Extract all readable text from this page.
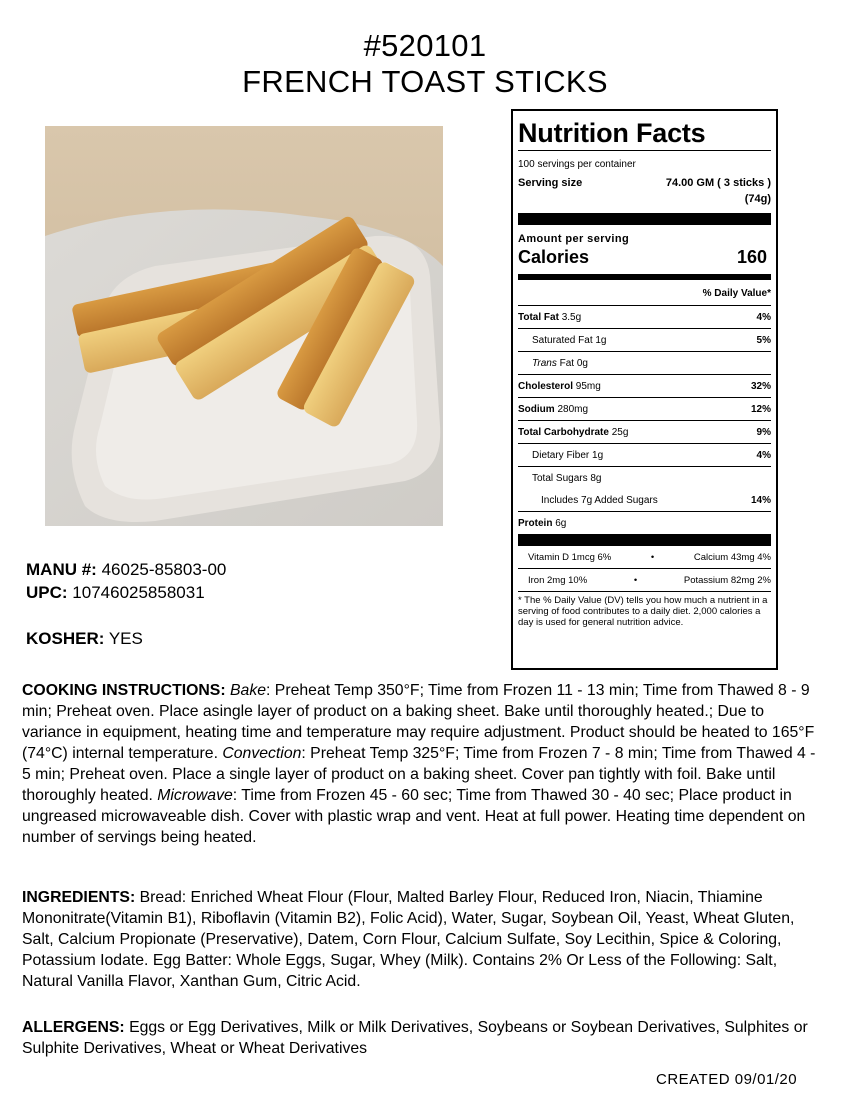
#520101
FRENCH TOAST STICKS
MANU #: 46025-85803-00
UPC: 10746025858031
KOSHER: YES
Nutrition Facts
100 servings per container
Serving size	74.00 GM ( 3 sticks )
(74g)
Amount per serving
Calories	160
% Daily Value*
Total Fat 3.5g	4%
Saturated Fat 1g	5%
Trans Fat 0g
Cholesterol 95mg	32%
Sodium 280mg	12%
Total Carbohydrate 25g	9%
Dietary Fiber 1g	4%
Total Sugars 8g
Includes 7g Added Sugars	14%
Protein 6g
Vitamin D 1mcg 6%	•	Calcium 43mg 4%
Iron 2mg 10%	•	Potassium 82mg 2%
* The % Daily Value (DV) tells you how much a nutrient in a serving of food contributes to a daily diet. 2,000 calories a day is used for general nutrition advice.
COOKING INSTRUCTIONS: Bake: Preheat Temp 350°F; Time from Frozen 11 - 13 min; Time from Thawed 8 - 9 min; Preheat oven. Place asingle layer of product on a baking sheet. Bake until thoroughly heated.; Due to variance in equipment, heating time and temperature may require adjustment. Product should be heated to 165°F (74°C) internal temperature. Convection: Preheat Temp 325°F; Time from Frozen 7 - 8 min; Time from Thawed 4 - 5 min; Preheat oven. Place a single layer of product on a baking sheet. Cover pan tightly with foil. Bake until thoroughly heated. Microwave: Time from Frozen 45 - 60 sec; Time from Thawed 30 - 40 sec; Place product in ungreased microwaveable dish. Cover with plastic wrap and vent. Heat at full power. Heating time dependent on number of servings being heated.
INGREDIENTS: Bread: Enriched Wheat Flour (Flour, Malted Barley Flour, Reduced Iron, Niacin, Thiamine Mononitrate(Vitamin B1), Riboflavin (Vitamin B2), Folic Acid), Water, Sugar, Soybean Oil, Yeast, Wheat Gluten, Salt, Calcium Propionate (Preservative), Datem, Corn Flour, Calcium Sulfate, Soy Lecithin, Spice & Coloring, Potassium Iodate. Egg Batter: Whole Eggs, Sugar, Whey (Milk). Contains 2% Or Less of the Following: Salt, Natural Vanilla Flavor, Xanthan Gum, Citric Acid.
ALLERGENS: Eggs or Egg Derivatives, Milk or Milk Derivatives, Soybeans or Soybean Derivatives, Sulphites or
Sulphite Derivatives, Wheat or Wheat Derivatives
CREATED 09/01/20
